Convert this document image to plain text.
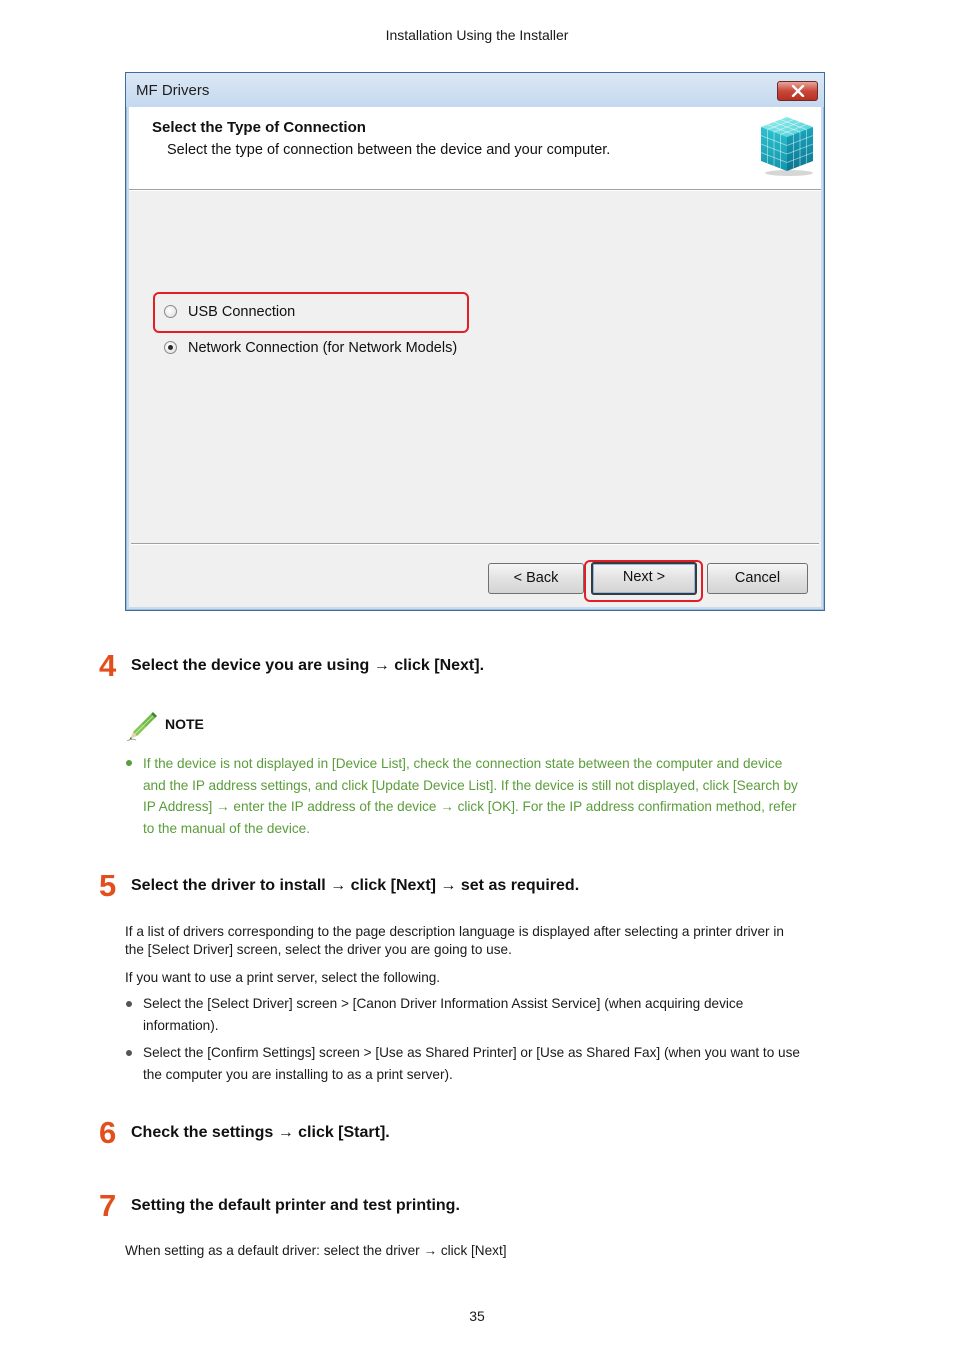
Installation Using the Installer
MF Drivers
Select the Type of Connection
Select the type of connection between the device and your computer.
USB Connection
Network Connection (for Network Models)
< Back	Next >	Cancel
4 Select the device you are using → click [Next].
NOTE
If the device is not displayed in [Device List], check the connection state between the computer and device
and the IP address settings, and click [Update Device List]. If the device is still not displayed, click [Search by
IP Address] → enter the IP address of the device → click [OK]. For the IP address confirmation method, refer
to the manual of the device.
5 Select the driver to install → click [Next] → set as required.
If a list of drivers corresponding to the page description language is displayed after selecting a printer driver in
the [Select Driver] screen, select the driver you are going to use.
If you want to use a print server, select the following.
Select the [Select Driver] screen > [Canon Driver Information Assist Service] (when acquiring device
information).
Select the [Confirm Settings] screen > [Use as Shared Printer] or [Use as Shared Fax] (when you want to use
the computer you are installing to as a print server).
6 Check the settings → click [Start].
7 Setting the default printer and test printing.
When setting as a default driver: select the driver → click [Next]
35
